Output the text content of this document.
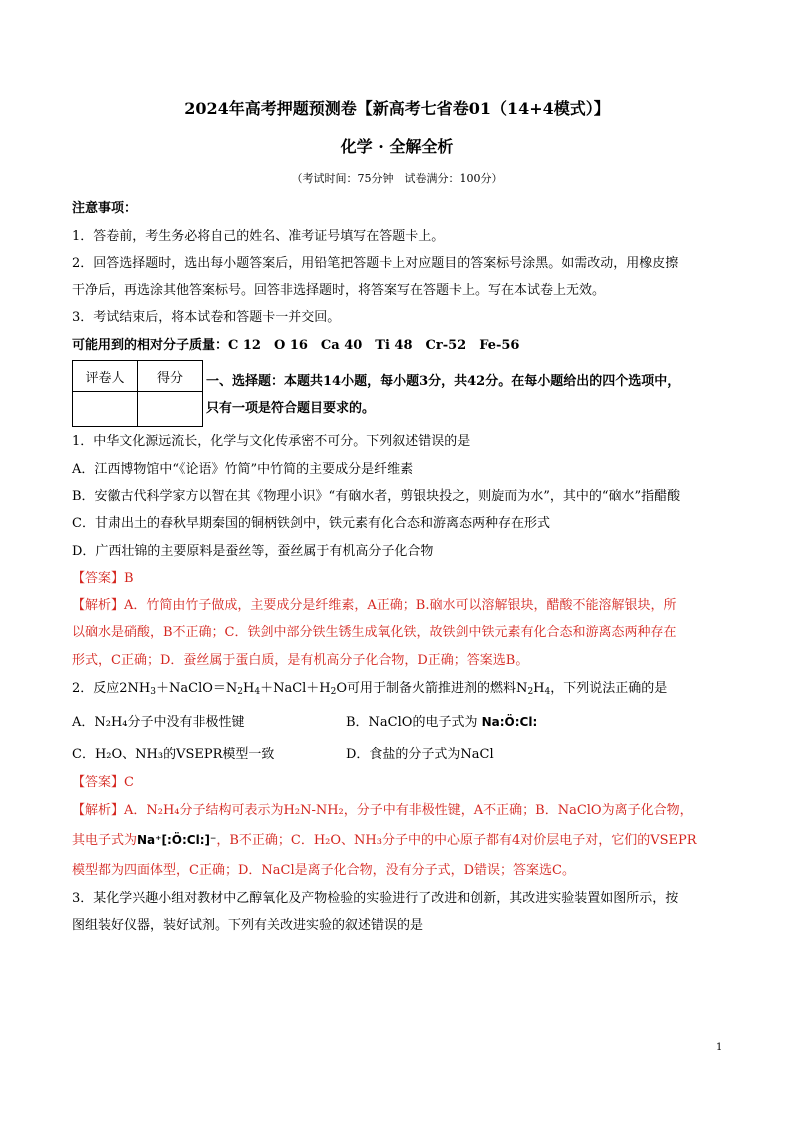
2024年高考押题预测卷【新高考七省卷01（14+4模式）】
化学 · 全解全析
（考试时间：75分钟　试卷满分：100分）
注意事项：
1．答卷前，考生务必将自己的姓名、准考证号填写在答题卡上。
2．回答选择题时，选出每小题答案后，用铅笔把答题卡上对应题目的答案标号涂黑。如需改动，用橡皮擦
干净后，再选涂其他答案标号。回答非选择题时，将答案写在答题卡上。写在本试卷上无效。
3．考试结束后，将本试卷和答题卡一并交回。
可能用到的相对分子质量：C 12　O 16　Ca 40　Ti 48　Cr-52　Fe-56
评卷人	得分
	一、选择题：本题共14小题，每小题3分，共42分。在每小题给出的四个选项中，
只有一项是符合题目要求的。
1．中华文化源远流长，化学与文化传承密不可分。下列叙述错误的是
A．江西博物馆中“《论语》竹简”中竹简的主要成分是纤维素
B．安徽古代科学家方以智在其《物理小识》“有硇水者，剪银块投之，则旋而为水”，其中的“硇水”指醋酸
C．甘肃出土的春秋早期秦国的铜柄铁剑中，铁元素有化合态和游离态两种存在形式
D．广西壮锦的主要原料是蚕丝等，蚕丝属于有机高分子化合物
【答案】B
【解析】A．竹简由竹子做成，主要成分是纤维素，A正确；B.硇水可以溶解银块，醋酸不能溶解银块，所
以硇水是硝酸，B不正确；C．铁剑中部分铁生锈生成氧化铁，故铁剑中铁元素有化合态和游离态两种存在
形式，C正确；D．蚕丝属于蛋白质，是有机高分子化合物，D正确；答案选B。
2．反应$2NH_3+NaClO=N_2H_4+NaCl+H_2O$可用于制备火箭推进剂的燃料$N_2H_4$，下列说法正确的是
A．N₂H₄分子中没有非极性键	B．NaClO的电子式为 Na:Ö:Cl:
C．H₂O、NH₃的VSEPR模型一致	D．食盐的分子式为NaCl
【答案】C
【解析】A．N₂H₄分子结构可表示为H₂N-NH₂，分子中有非极性键，A不正确；B．NaClO为离子化合物，
其电子式为Na⁺[:Ö:Cl:]⁻，B不正确；C．H₂O、NH₃分子中的中心原子都有4对价层电子对，它们的VSEPR
模型都为四面体型，C正确；D．NaCl是离子化合物，没有分子式，D错误；答案选C。
3．某化学兴趣小组对教材中乙醇氧化及产物检验的实验进行了改进和创新，其改进实验装置如图所示，按
图组装好仪器，装好试剂。下列有关改进实验的叙述错误的是
1
